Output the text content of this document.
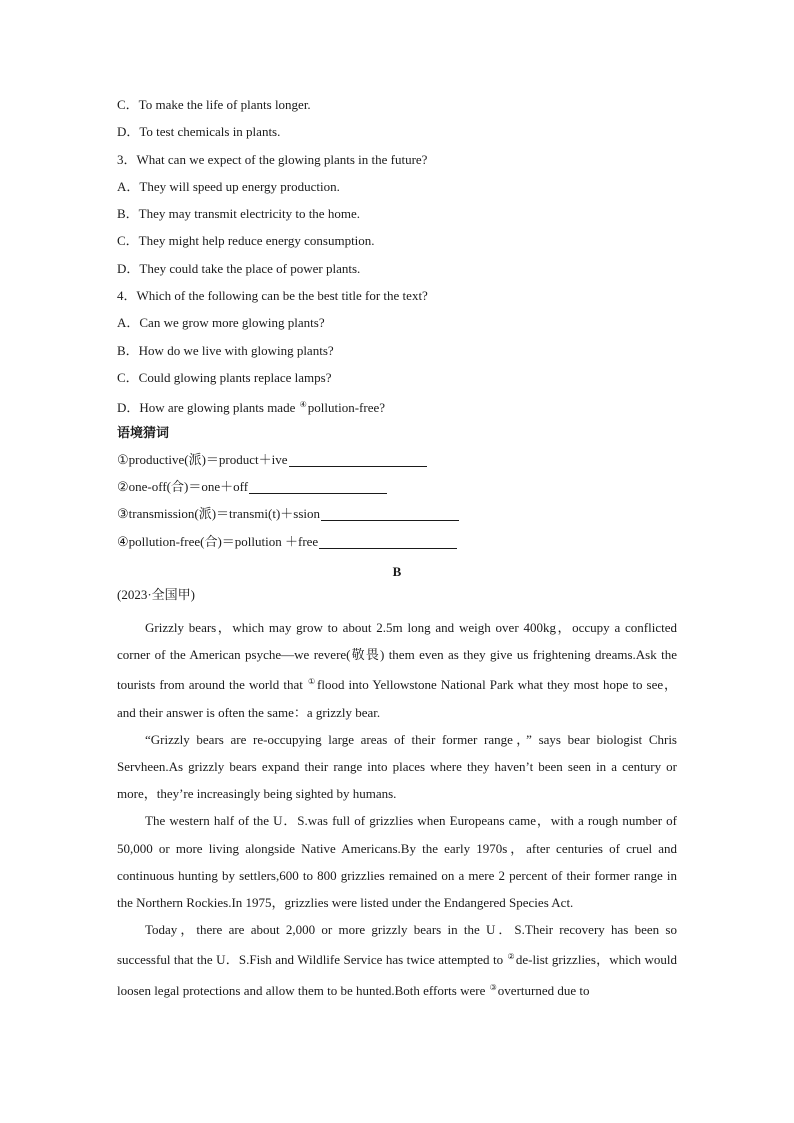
C．To make the life of plants longer.
D．To test chemicals in plants.
3．What can we expect of the glowing plants in the future?
A．They will speed up energy production.
B．They may transmit electricity to the home.
C．They might help reduce energy consumption.
D．They could take the place of power plants.
4．Which of the following can be the best title for the text?
A．Can we grow more glowing plants?
B．How do we live with glowing plants?
C．Could glowing plants replace lamps?
D．How are glowing plants made ④pollution-free?
语境猜词
①productive(派)＝product＋ive
②one-off(合)＝one＋off
③transmission(派)＝transmi(t)＋ssion
④pollution-free(合)＝pollution ＋free
B
(2023·全国甲)

Grizzly bears，which may grow to about 2.5m long and weigh over 400kg，occupy a conflicted corner of the American psyche—we revere(敬畏) them even as they give us frightening dreams.Ask the tourists from around the world that ①flood into Yellowstone National Park what they most hope to see，and their answer is often the same：a grizzly bear.

“Grizzly bears are re-occupying large areas of their former range，” says bear biologist Chris Servheen.As grizzly bears expand their range into places where they haven’t been seen in a century or more，they’re increasingly being sighted by humans.

The western half of the U．S.was full of grizzlies when Europeans came，with a rough number of 50,000 or more living alongside Native Americans.By the early 1970s，after centuries of cruel and continuous hunting by settlers,600 to 800 grizzlies remained on a mere 2 percent of their former range in the Northern Rockies.In 1975，grizzlies were listed under the Endangered Species Act.

Today，there are about 2,000 or more grizzly bears in the U．S.Their recovery has been so successful that the U．S.Fish and Wildlife Service has twice attempted to ②de-list grizzlies，which would loosen legal protections and allow them to be hunted.Both efforts were ③overturned due to
